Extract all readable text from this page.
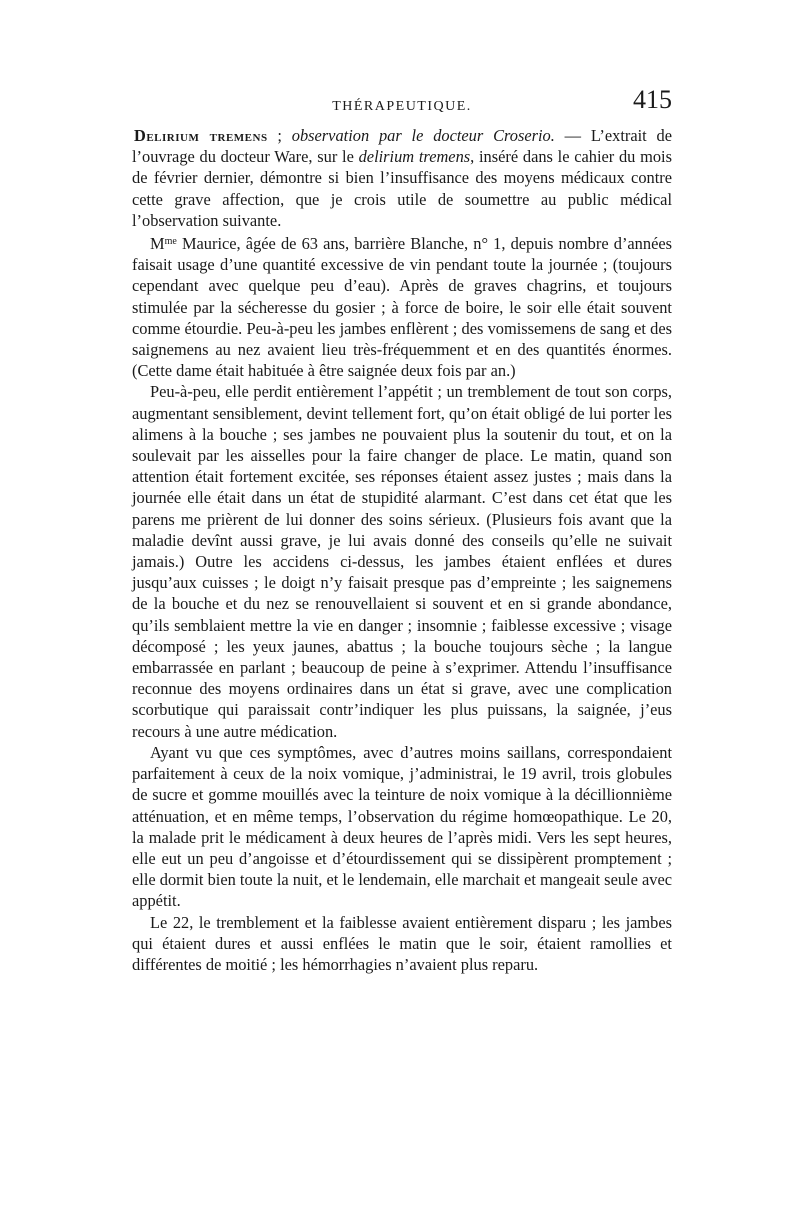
THÉRAPEUTIQUE.	415

Delirium tremens ; observation par le docteur Croserio. — L’extrait de l’ouvrage du docteur Ware, sur le delirium tremens, inséré dans le cahier du mois de février dernier, démontre si bien l’insuffisance des moyens médicaux contre cette grave affection, que je crois utile de soumettre au public médical l’observation suivante.

$M^{me}$ Maurice, âgée de 63 ans, barrière Blanche, n° 1, depuis nombre d’années faisait usage d’une quantité excessive de vin pendant toute la journée ; (toujours cependant avec quelque peu d’eau). Après de graves chagrins, et toujours stimulée par la sécheresse du gosier ; à force de boire, le soir elle était souvent comme étourdie. Peu-à-peu les jambes enflèrent ; des vomissemens de sang et des saignemens au nez avaient lieu très-fréquemment et en des quantités énormes. (Cette dame était habituée à être saignée deux fois par an.)

Peu-à-peu, elle perdit entièrement l’appétit ; un tremblement de tout son corps, augmentant sensiblement, devint tellement fort, qu’on était obligé de lui porter les alimens à la bouche ; ses jambes ne pouvaient plus la soutenir du tout, et on la soulevait par les aisselles pour la faire changer de place. Le matin, quand son attention était fortement excitée, ses réponses étaient assez justes ; mais dans la journée elle était dans un état de stupidité alarmant. C’est dans cet état que les parens me prièrent de lui donner des soins sérieux. (Plusieurs fois avant que la maladie devînt aussi grave, je lui avais donné des conseils qu’elle ne suivait jamais.) Outre les accidens ci-dessus, les jambes étaient enflées et dures jusqu’aux cuisses ; le doigt n’y faisait presque pas d’empreinte ; les saignemens de la bouche et du nez se renouvellaient si souvent et en si grande abondance, qu’ils semblaient mettre la vie en danger ; insomnie ; faiblesse excessive ; visage décomposé ; les yeux jaunes, abattus ; la bouche toujours sèche ; la langue embarrassée en parlant ; beaucoup de peine à s’exprimer. Attendu l’insuffisance reconnue des moyens ordinaires dans un état si grave, avec une complication scorbutique qui paraissait contr’indiquer les plus puissans, la saignée, j’eus recours à une autre médication.

Ayant vu que ces symptômes, avec d’autres moins saillans, correspondaient parfaitement à ceux de la noix vomique, j’administrai, le 19 avril, trois globules de sucre et gomme mouillés avec la teinture de noix vomique à la décillionnième atténuation, et en même temps, l’observation du régime homœopathique. Le 20, la malade prit le médicament à deux heures de l’après midi. Vers les sept heures, elle eut un peu d’angoisse et d’étourdissement qui se dissipèrent promptement ; elle dormit bien toute la nuit, et le lendemain, elle marchait et mangeait seule avec appétit.

Le 22, le tremblement et la faiblesse avaient entièrement disparu ; les jambes qui étaient dures et aussi enflées le matin que le soir, étaient ramollies et différentes de moitié ; les hémorrhagies n’avaient plus reparu.
